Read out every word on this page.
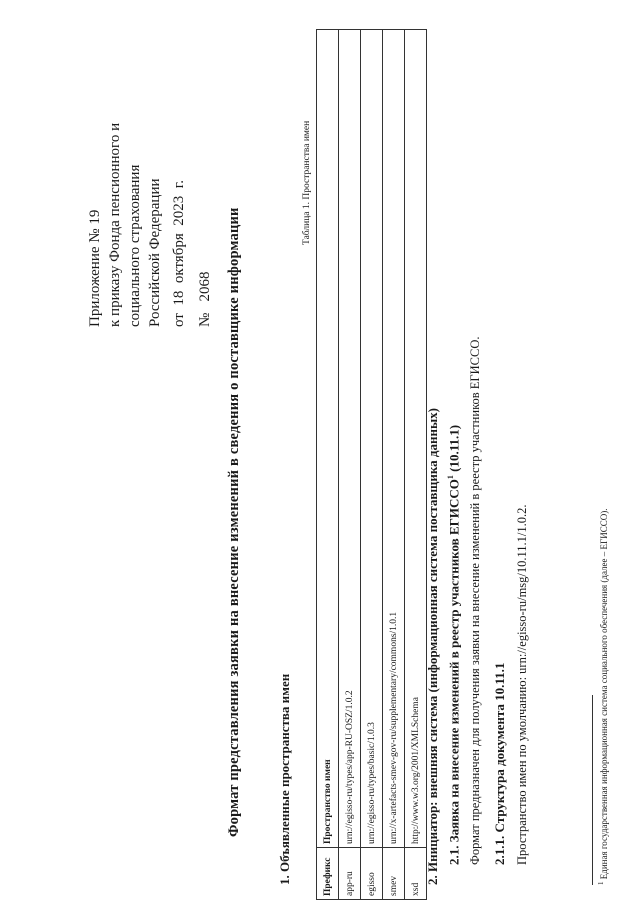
Приложение № 19 к приказу Фонда пенсионного и социального страхования Российской Федерации от  18  октября  2023  г.
№   2068 Формат представления заявки на внесение изменений в сведения о поставщике информации
Таблица 1. Пространства имен
1. Объявленные пространства имен	Префикс	Пространство имен
app-ru	urn://egisso-ru/types/app-RU-OSZ/1.0.2
egisso	urn://egisso-ru/types/basic/1.0.3
smev	urn://x-artefacts-smev-gov-ru/supplementary/commons/1.0.1
xsd	http://www.w3.org/2001/XMLSchema 2. Инициатор: внешняя система (информационная система поставщика данных) 2.1. Заявка на внесение изменений в реестр участников ЕГИССО$^1$ (10.11.1) Формат предназначен для получения заявки на внесение изменений в реестр участников ЕГИССО. 2.1.1. Структура документа 10.11.1 Пространство имен по умолчанию: urn://egisso-ru/msg/10.11.1/1.0.2.
$^1$ Единая государственная информационная система социального обеспечения (далее – ЕГИССО).
